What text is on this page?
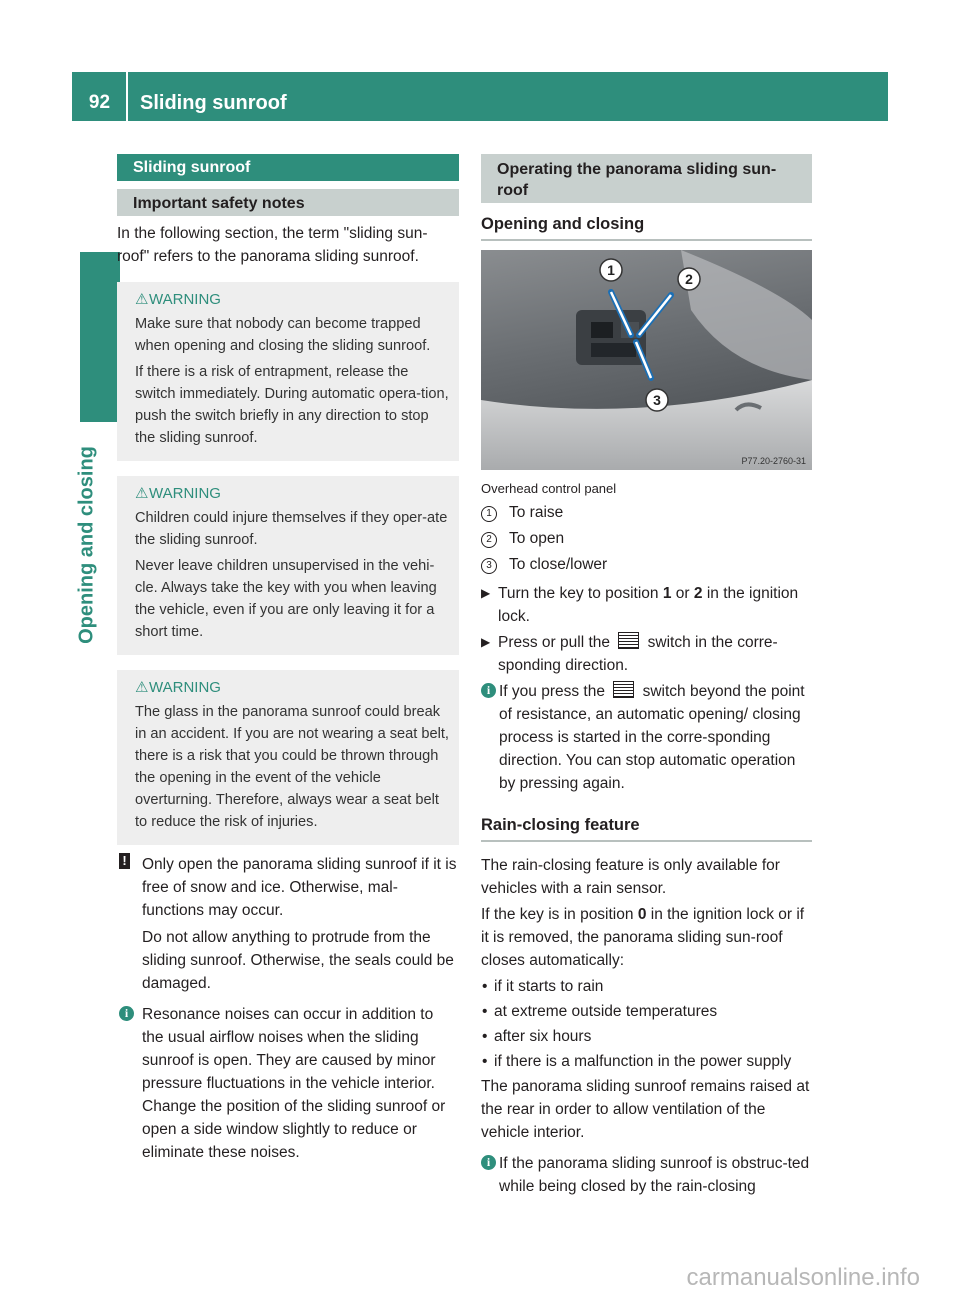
92	Sliding sunroof
Opening and closing
Sliding sunroof
Important safety notes

In the following section, the term "sliding sun-roof" refers to the panorama sliding sunroof.

⚠WARNING

Make sure that nobody can become trapped when opening and closing the sliding sunroof.

If there is a risk of entrapment, release the switch immediately. During automatic opera-tion, push the switch briefly in any direction to stop the sliding sunroof.

⚠WARNING

Children could injure themselves if they oper-ate the sliding sunroof.

Never leave children unsupervised in the vehi-cle. Always take the key with you when leaving the vehicle, even if you are only leaving it for a short time.

⚠WARNING

The glass in the panorama sunroof could break in an accident. If you are not wearing a seat belt, there is a risk that you could be thrown through the opening in the event of the vehicle overturning. Therefore, always wear a seat belt to reduce the risk of injuries.

! Only open the panorama sliding sunroof if it is free of snow and ice. Otherwise, mal-functions may occur.

Do not allow anything to protrude from the sliding sunroof. Otherwise, the seals could be damaged.

i Resonance noises can occur in addition to the usual airflow noises when the sliding sunroof is open. They are caused by minor pressure fluctuations in the vehicle interior. Change the position of the sliding sunroof or open a side window slightly to reduce or eliminate these noises.

Operating the panorama sliding sun-roof
Opening and closing
1
2
3
P77.20-2760-31
Overhead control panel
1 To raise
2 To open
3 To close/lower
▶ Turn the key to position 1 or 2 in the ignition lock.
▶ Press or pull the  switch in the corre-sponding direction.
i If you press the  switch beyond the point of resistance, an automatic opening/ closing process is started in the corre-sponding direction. You can stop automatic operation by pressing again.
Rain-closing feature

The rain-closing feature is only available for vehicles with a rain sensor.

If the key is in position 0 in the ignition lock or if it is removed, the panorama sliding sun-roof closes automatically:

• if it starts to rain
• at extreme outside temperatures
• after six hours
• if there is a malfunction in the power supply

The panorama sliding sunroof remains raised at the rear in order to allow ventilation of the vehicle interior.

i If the panorama sliding sunroof is obstruc-ted while being closed by the rain-closing

carmanualsonline.info
